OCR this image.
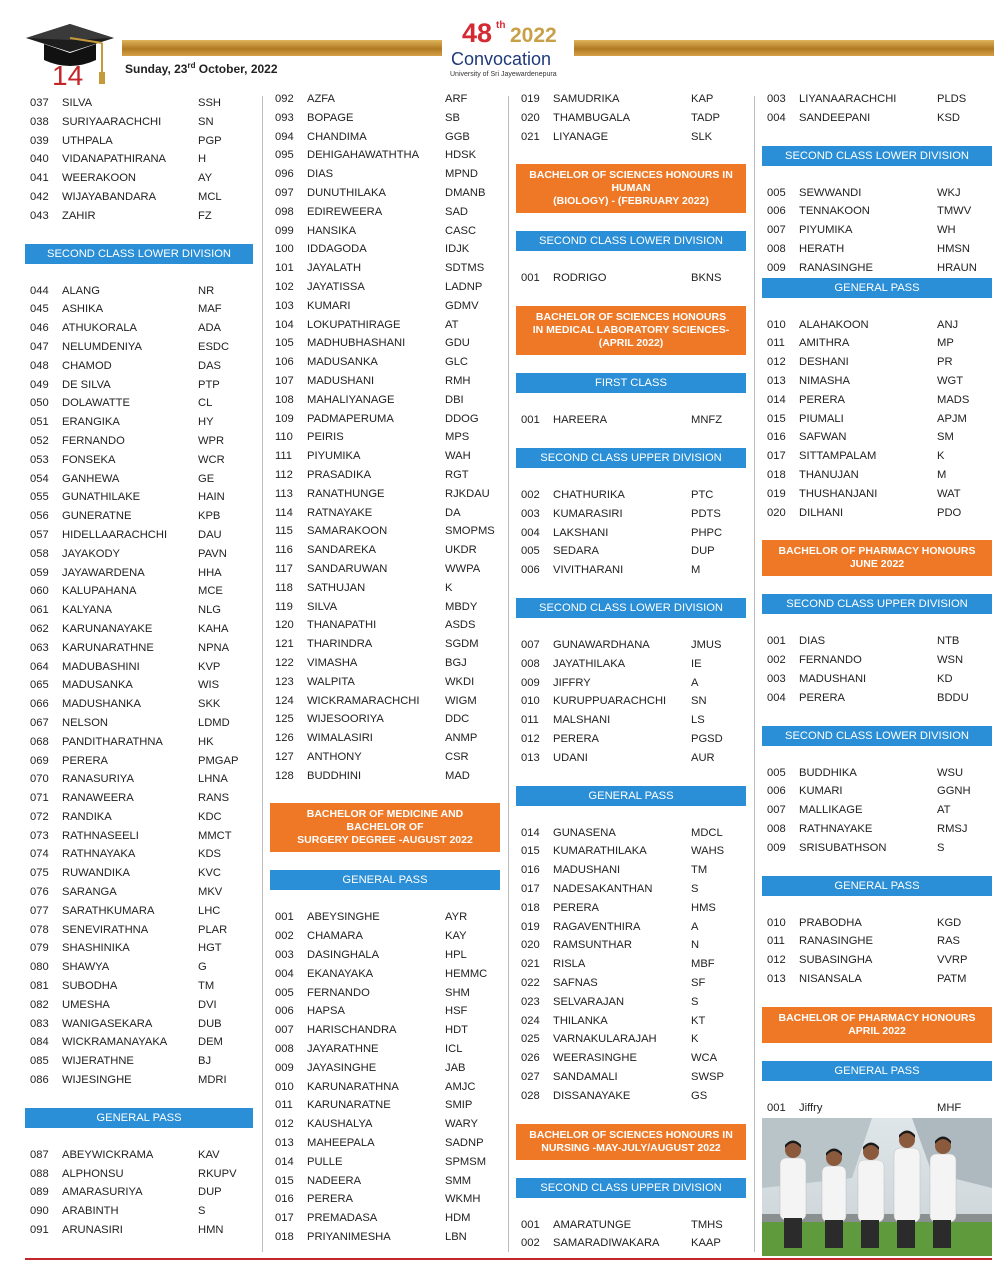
14	Sunday, 23rd October, 2022
48 th 2022
Convocation
University of Sri Jayewardenepura
037 SILVA	SSH
038 SURIYAARACHCHI	SN
039 UTHPALA	PGP
040 VIDANAPATHIRANA	H
041 WEERAKOON	AY
042 WIJAYABANDARA	MCL
043 ZAHIR	FZ
SECOND CLASS LOWER DIVISION
044 ALANG	NR
045 ASHIKA	MAF
046 ATHUKORALA	ADA
047 NELUMDENIYA	ESDC
048 CHAMOD	DAS
049 DE SILVA	PTP
050 DOLAWATTE	CL
051 ERANGIKA	HY
052 FERNANDO	WPR
053 FONSEKA	WCR
054 GANHEWA	GE
055 GUNATHILAKE	HAIN
056 GUNERATNE	KPB
057 HIDELLAARACHCHI	DAU
058 JAYAKODY	PAVN
059 JAYAWARDENA	HHA
060 KALUPAHANA	MCE
061 KALYANA	NLG
062 KARUNANAYAKE	KAHA
063 KARUNARATHNE	NPNA
064 MADUBASHINI	KVP
065 MADUSANKA	WIS
066 MADUSHANKA	SKK
067 NELSON	LDMD
068 PANDITHARATHNA	HK
069 PERERA	PMGAP
070 RANASURIYA	LHNA
071 RANAWEERA	RANS
072 RANDIKA	KDC
073 RATHNASEELI	MMCT
074 RATHNAYAKA	KDS
075 RUWANDIKA	KVC
076 SARANGA	MKV
077 SARATHKUMARA	LHC
078 SENEVIRATHNA	PLAR
079 SHASHINIKA	HGT
080 SHAWYA	G
081 SUBODHA	TM
082 UMESHA	DVI
083 WANIGASEKARA	DUB
084 WICKRAMANAYAKA	DEM
085 WIJERATHNE	BJ
086 WIJESINGHE	MDRI
GENERAL PASS
087 ABEYWICKRAMA	KAV
088 ALPHONSU	RKUPV
089 AMARASURIYA	DUP
090 ARABINTH	S
091 ARUNASIRI	HMN
092 AZFA	ARF
093 BOPAGE	SB
094 CHANDIMA	GGB
095 DEHIGAHAWATHTHA HDSK
096 DIAS	MPND
097 DUNUTHILAKA	DMANB
098 EDIREWEERA	SAD
099 HANSIKA	CASC
100 IDDAGODA	IDJK
101 JAYALATH	SDTMS
102 JAYATISSA	LADNP
103 KUMARI	GDMV
104 LOKUPATHIRAGE	AT
105 MADHUBHASHANI	GDU
106 MADUSANKA	GLC
107 MADUSHANI	RMH
108 MAHALIYANAGE	DBI
109 PADMAPERUMA	DDOG
110 PEIRIS	MPS
111 PIYUMIKA	WAH
112 PRASADIKA	RGT
113 RANATHUNGE	RJKDAU
114 RATNAYAKE	DA
115 SAMARAKOON	SMOPMS
116 SANDAREKA	UKDR
117 SANDARUWAN	WWPA
118 SATHUJAN	K
119 SILVA	MBDY
120 THANAPATHI	ASDS
121 THARINDRA	SGDM
122 VIMASHA	BGJ
123 WALPITA	WKDI
124 WICKRAMARACHCHI WIGM
125 WIJESOORIYA	DDC
126 WIMALASIRI	ANMP
127 ANTHONY	CSR
128 BUDDHINI	MAD
BACHELOR OF MEDICINE AND
BACHELOR OF
SURGERY DEGREE -AUGUST 2022
GENERAL PASS
001 ABEYSINGHE	AYR
002 CHAMARA	KAY
003 DASINGHALA	HPL
004 EKANAYAKA	HEMMC
005 FERNANDO	SHM
006 HAPSA	HSF
007 HARISCHANDRA	HDT
008 JAYARATHNE	ICL
009 JAYASINGHE	JAB
010 KARUNARATHNA	AMJC
011 KARUNARATNE	SMIP
012 KAUSHALYA	WARY
013 MAHEEPALA	SADNP
014 PULLE	SPMSM
015 NADEERA	SMM
016 PERERA	WKMH
017 PREMADASA	HDM
018 PRIYANIMESHA	LBN
019 SAMUDRIKA	KAP
020 THAMBUGALA	TADP
021 LIYANAGE	SLK
BACHELOR OF SCIENCES HONOURS IN
HUMAN
(BIOLOGY) - (FEBRUARY 2022)
SECOND CLASS LOWER DIVISION
001 RODRIGO	BKNS
BACHELOR OF SCIENCES HONOURS
IN MEDICAL LABORATORY SCIENCES-
(APRIL 2022)
FIRST CLASS
001 HAREERA	MNFZ
SECOND CLASS UPPER DIVISION
002 CHATHURIKA	PTC
003 KUMARASIRI	PDTS
004 LAKSHANI	PHPC
005 SEDARA	DUP
006 VIVITHARANI	M
SECOND CLASS LOWER DIVISION
007 GUNAWARDHANA	JMUS
008 JAYATHILAKA	IE
009 JIFFRY	A
010 KURUPPUARACHCHI SN
011 MALSHANI	LS
012 PERERA	PGSD
013 UDANI	AUR
GENERAL PASS
014 GUNASENA	MDCL
015 KUMARATHILAKA	WAHS
016 MADUSHANI	TM
017 NADESAKANTHAN	S
018 PERERA	HMS
019 RAGAVENTHIRA	A
020 RAMSUNTHAR	N
021 RISLA	MBF
022 SAFNAS	SF
023 SELVARAJAN	S
024 THILANKA	KT
025 VARNAKULARAJAH	K
026 WEERASINGHE	WCA
027 SANDAMALI	SWSP
028 DISSANAYAKE	GS
BACHELOR OF SCIENCES HONOURS IN
NURSING -MAY-JULY/AUGUST 2022
SECOND CLASS UPPER DIVISION
001 AMARATUNGE	TMHS
002 SAMARADIWAKARA	KAAP
003 LIYANAARACHCHI	PLDS
004 SANDEEPANI	KSD
SECOND CLASS LOWER DIVISION
005 SEWWANDI	WKJ
006 TENNAKOON	TMWV
007 PIYUMIKA	WH
008 HERATH	HMSN
009 RANASINGHE	HRAUN
GENERAL PASS
010 ALAHAKOON	ANJ
011 AMITHRA	MP
012 DESHANI	PR
013 NIMASHA	WGT
014 PERERA	MADS
015 PIUMALI	APJM
016 SAFWAN	SM
017 SITTAMPALAM	K
018 THANUJAN	M
019 THUSHANJANI	WAT
020 DILHANI	PDO
BACHELOR OF PHARMACY HONOURS
JUNE 2022
SECOND CLASS UPPER DIVISION
001 DIAS	NTB
002 FERNANDO	WSN
003 MADUSHANI	KD
004 PERERA	BDDU
SECOND CLASS LOWER DIVISION
005 BUDDHIKA	WSU
006 KUMARI	GGNH
007 MALLIKAGE	AT
008 RATHNAYAKE	RMSJ
009 SRISUBATHSON	S
GENERAL PASS
010 PRABODHA	KGD
011 RANASINGHE	RAS
012 SUBASINGHA	VVRP
013 NISANSALA	PATM
BACHELOR OF PHARMACY HONOURS
APRIL 2022
GENERAL PASS
001 Jiffry	MHF
